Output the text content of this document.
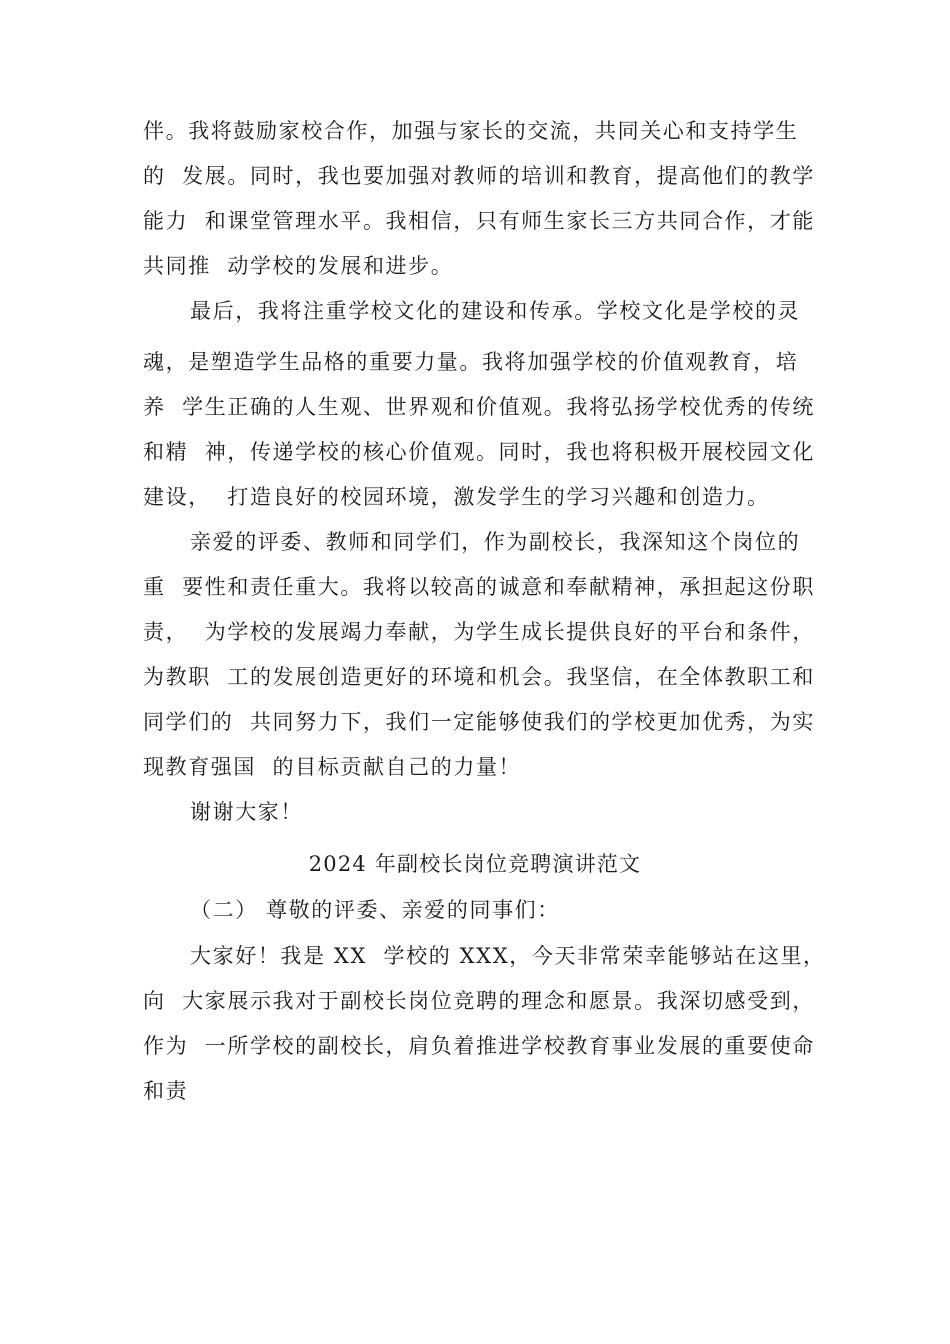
伴。我将鼓励家校合作，加强与家长的交流，共同关心和支持学生
的  发展。同时，我也要加强对教师的培训和教育，提高他们的教学
能力  和课堂管理水平。我相信，只有师生家长三方共同合作，才能
共同推  动学校的发展和进步。
最后，我将注重学校文化的建设和传承。学校文化是学校的灵
魂，是塑造学生品格的重要力量。我将加强学校的价值观教育，培
养  学生正确的人生观、世界观和价值观。我将弘扬学校优秀的传统
和精  神，传递学校的核心价值观。同时，我也将积极开展校园文化
建设，  打造良好的校园环境，激发学生的学习兴趣和创造力。
亲爱的评委、教师和同学们，作为副校长，我深知这个岗位的
重  要性和责任重大。我将以较高的诚意和奉献精神，承担起这份职
责，  为学校的发展竭力奉献，为学生成长提供良好的平台和条件，
为教职  工的发展创造更好的环境和机会。我坚信，在全体教职工和
同学们的  共同努力下，我们一定能够使我们的学校更加优秀，为实
现教育强国  的目标贡献自己的力量！
谢谢大家！
2024 年副校长岗位竞聘演讲范文
（二） 尊敬的评委、亲爱的同事们：
大家好！我是 XX  学校的 XXX，今天非常荣幸能够站在这里，
向  大家展示我对于副校长岗位竞聘的理念和愿景。我深切感受到，
作为  一所学校的副校长，肩负着推进学校教育事业发展的重要使命
和责
